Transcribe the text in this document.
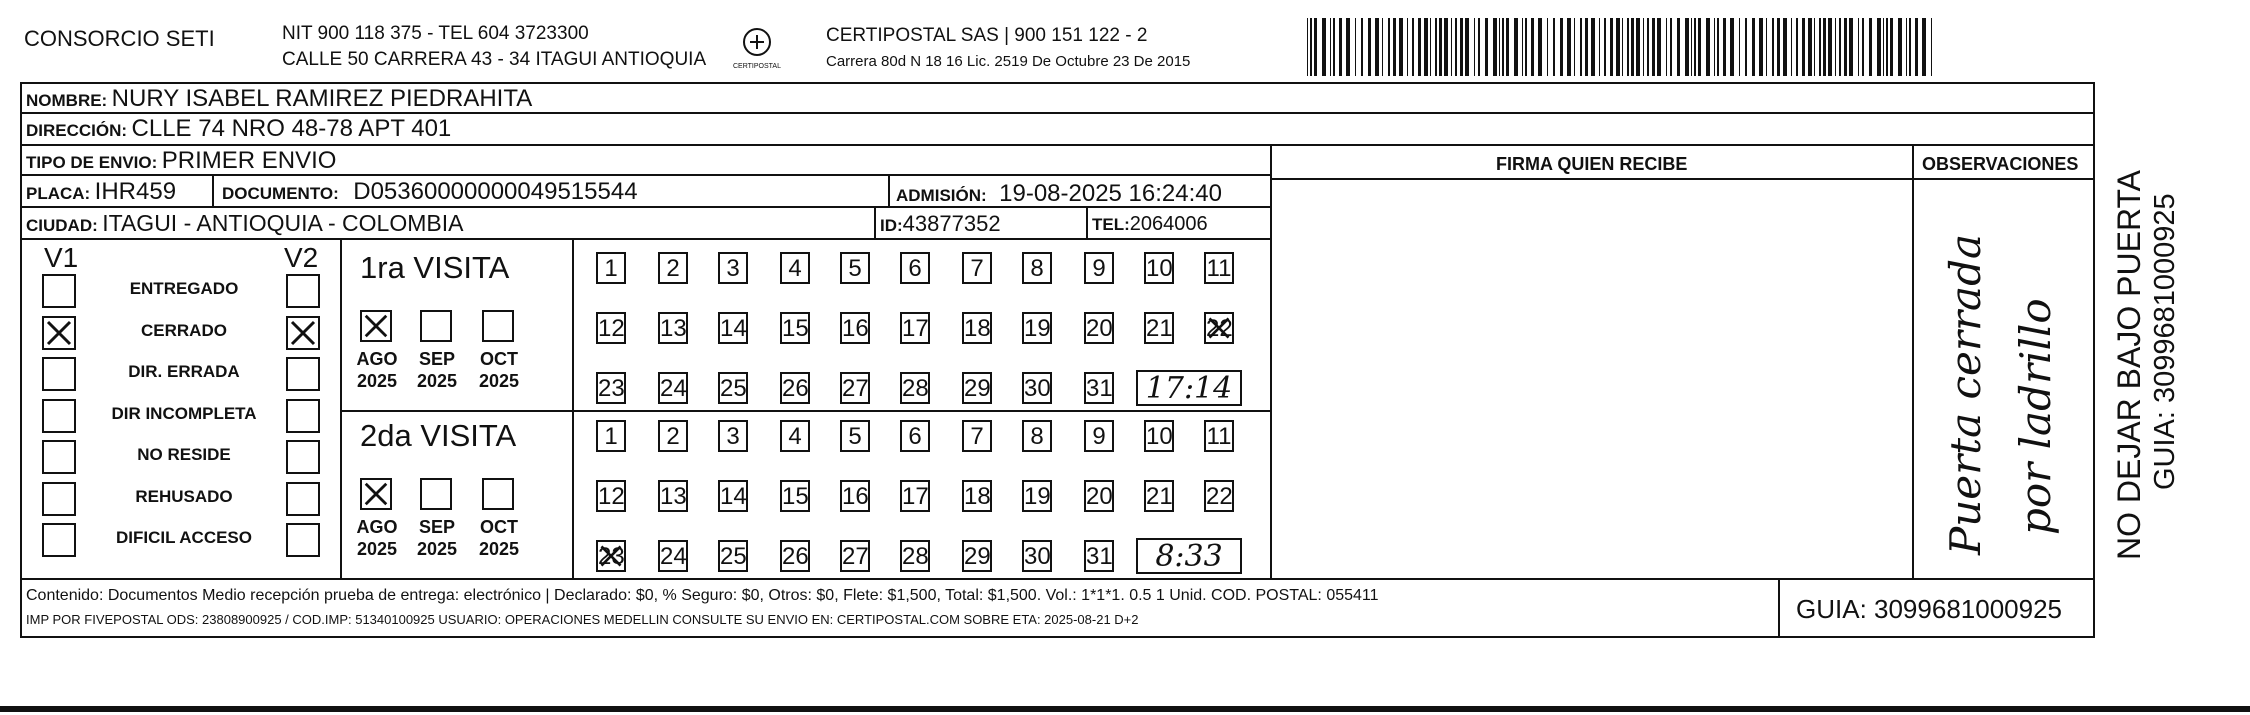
CONSORCIO SETI	NIT 900 118 375 - TEL 604 3723300
CALLE 50 CARRERA 43 - 34 ITAGUI ANTIOQUIA	CERTIPOSTAL
CERTIPOSTAL SAS | 900 151 122 - 2
Carrera 80d N 18 16 Lic. 2519 De Octubre 23 De 2015
NOMBRE: NURY ISABEL RAMIREZ PIEDRAHITA
DIRECCIÓN: CLLE 74 NRO 48-78 APT 401
TIPO DE ENVIO: PRIMER ENVIO
PLACA: IHR459	DOCUMENTO: D05360000000049515544	ADMISIÓN: 19-08-2025 16:24:40
CIUDAD: ITAGUI - ANTIOQUIA - COLOMBIA	ID:43877352	TEL:2064006
FIRMA QUIEN RECIBE	OBSERVACIONES
V1	V2
ENTREGADO
CERRADO
DIR. ERRADA
DIR INCOMPLETA
NO RESIDE
REHUSADO
DIFICIL ACCESO
1ra VISITA
2da VISITA
1	2	3	4	5	6	7	8	9	10 11
12 13 14 15 16 17 18 19 20 21 22
23 24 25 26 27 28 29 30 31	17:14
1	2	3	4	5	6	7	8	9	10 11
12 13 14 15 16 17 18 19 20 21 22
23 24 25 26 27 28 29 30 31	8:33
AGO
2025
SEP
2025
OCT
2025
AGO
2025
SEP
2025
OCT
2025	Puerta cerrada por ladrillo NO DEJAR BAJO PUERTA GUIA: 3099681000925
Contenido: Documentos Medio recepción prueba de entrega: electrónico | Declarado: $0, % Seguro: $0, Otros: $0, Flete: $1,500, Total: $1,500. Vol.: 1*1*1. 0.5 1 Unid. COD. POSTAL: 055411
IMP POR FIVEPOSTAL ODS: 23808900925 / COD.IMP: 51340100925 USUARIO: OPERACIONES MEDELLIN CONSULTE SU ENVIO EN: CERTIPOSTAL.COM SOBRE ETA: 2025-08-21 D+2	GUIA: 3099681000925
